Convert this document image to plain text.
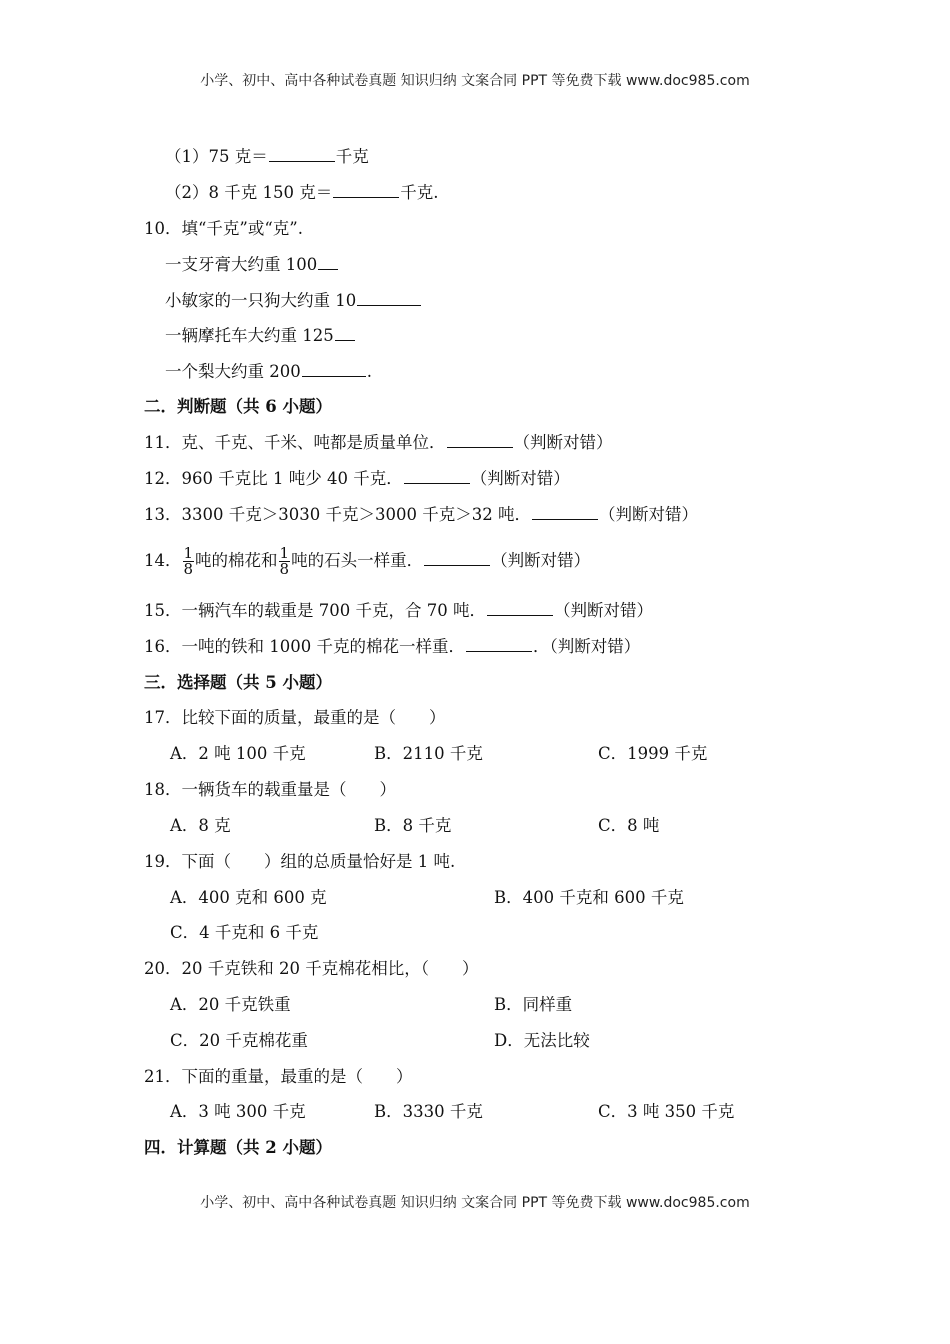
小学、初中、高中各种试卷真题 知识归纳 文案合同 PPT 等免费下载 www.doc985.com
（1）75 克＝	千克
（2）8 千克 150 克＝	千克.
10．填“千克”或“克”.
一支牙膏大约重 100
小敏家的一只狗大约重 10
一辆摩托车大约重 125
一个梨大约重 200	.
二．判断题（共 6 小题）
11．克、千克、千米、吨都是质量单位．	（判断对错）
12．960 千克比 1 吨少 40 千克．	（判断对错）
13．3300 千克＞3030 千克＞3000 千克＞32 吨．	（判断对错）
14． $\frac{1}{8}$ 吨的棉花和 $\frac{1}{8}$ 吨的石头一样重．	（判断对错）
15．一辆汽车的载重是 700 千克，合 70 吨．	（判断对错）
16．一吨的铁和 1000 千克的棉花一样重．	．（判断对错）
三．选择题（共 5 小题）
17．比较下面的质量，最重的是（　　）
A．2 吨 100 千克	B．2110 千克	C．1999 千克
18．一辆货车的载重量是（　　）
A．8 克	B．8 千克	C．8 吨
19．下面（　　）组的总质量恰好是 1 吨.
A．400 克和 600 克	B．400 千克和 600 千克
C．4 千克和 6 千克
20．20 千克铁和 20 千克棉花相比，（　　）
A．20 千克铁重	B．同样重
C．20 千克棉花重	D．无法比较
21．下面的重量，最重的是（　　）
A．3 吨 300 千克	B．3330 千克	C．3 吨 350 千克
四．计算题（共 2 小题）
小学、初中、高中各种试卷真题 知识归纳 文案合同 PPT 等免费下载 www.doc985.com
